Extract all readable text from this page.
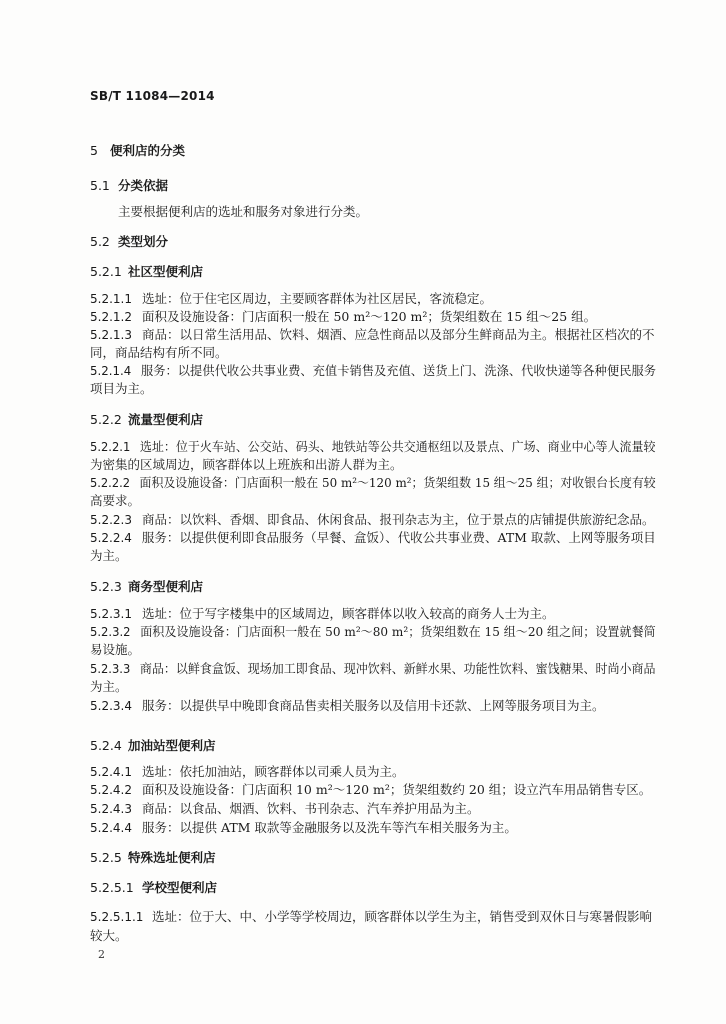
SB/T 11084—2014
5 便利店的分类
5.1 分类依据
主要根据便利店的选址和服务对象进行分类。
5.2 类型划分
5.2.1 社区型便利店
5.2.1.1 选址：位于住宅区周边，主要顾客群体为社区居民，客流稳定。
5.2.1.2 面积及设施设备：门店面积一般在 50 m²～120 m²；货架组数在 15 组～25 组。
5.2.1.3 商品：以日常生活用品、饮料、烟酒、应急性商品以及部分生鲜商品为主。根据社区档次的不
同，商品结构有所不同。
5.2.1.4 服务：以提供代收公共事业费、充值卡销售及充值、送货上门、洗涤、代收快递等各种便民服务
项目为主。
5.2.2 流量型便利店
5.2.2.1 选址：位于火车站、公交站、码头、地铁站等公共交通枢纽以及景点、广场、商业中心等人流量较
为密集的区域周边，顾客群体以上班族和出游人群为主。
5.2.2.2 面积及设施设备：门店面积一般在 50 m²～120 m²；货架组数 15 组～25 组；对收银台长度有较
高要求。
5.2.2.3 商品：以饮料、香烟、即食品、休闲食品、报刊杂志为主，位于景点的店铺提供旅游纪念品。
5.2.2.4 服务：以提供便利即食品服务（早餐、盒饭）、代收公共事业费、ATM 取款、上网等服务项目
为主。
5.2.3 商务型便利店
5.2.3.1 选址：位于写字楼集中的区域周边，顾客群体以收入较高的商务人士为主。
5.2.3.2 面积及设施设备：门店面积一般在 50 m²～80 m²；货架组数在 15 组～20 组之间；设置就餐简
易设施。
5.2.3.3 商品：以鲜食盒饭、现场加工即食品、现冲饮料、新鲜水果、功能性饮料、蜜饯糖果、时尚小商品
为主。
5.2.3.4 服务：以提供早中晚即食商品售卖相关服务以及信用卡还款、上网等服务项目为主。
5.2.4 加油站型便利店
5.2.4.1 选址：依托加油站，顾客群体以司乘人员为主。
5.2.4.2 面积及设施设备：门店面积 10 m²～120 m²；货架组数约 20 组；设立汽车用品销售专区。
5.2.4.3 商品：以食品、烟酒、饮料、书刊杂志、汽车养护用品为主。
5.2.4.4 服务：以提供 ATM 取款等金融服务以及洗车等汽车相关服务为主。
5.2.5 特殊选址便利店
5.2.5.1 学校型便利店
5.2.5.1.1 选址：位于大、中、小学等学校周边，顾客群体以学生为主，销售受到双休日与寒暑假影响
较大。
2
